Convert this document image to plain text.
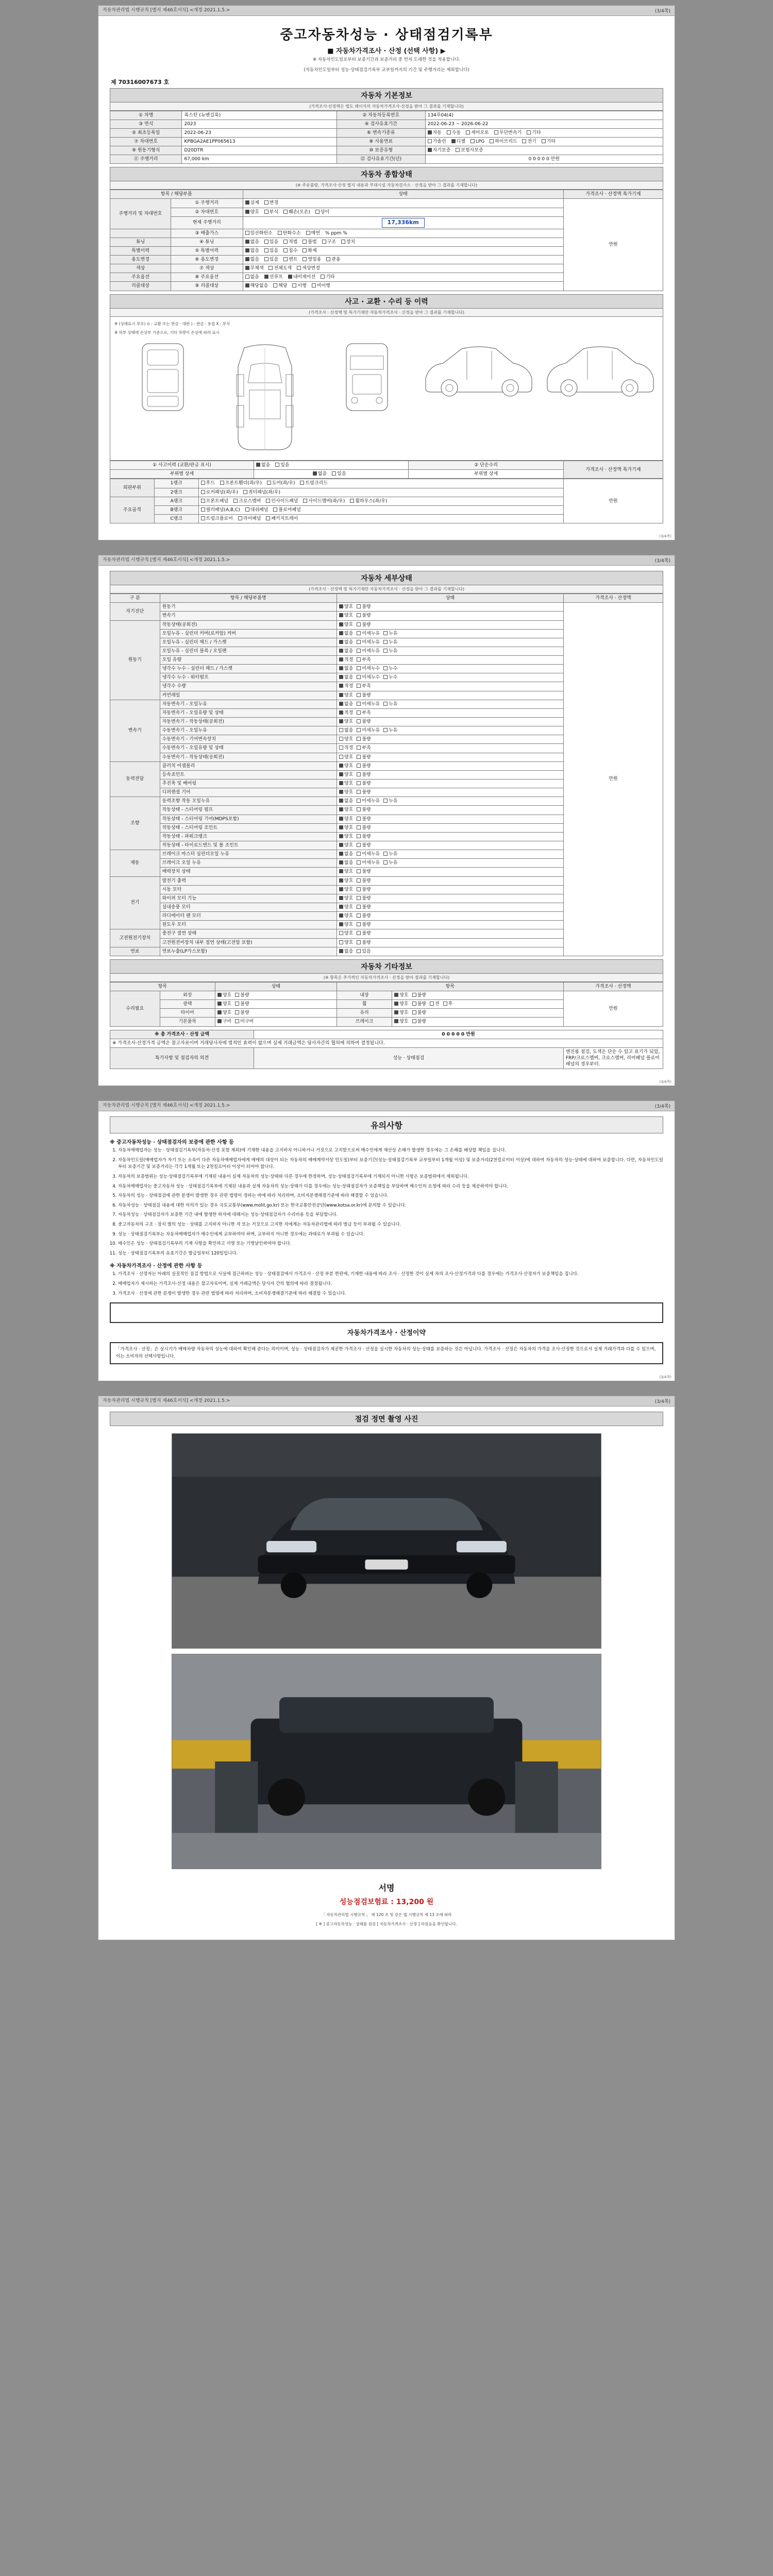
자동차관리법 시행규칙 [별지 제46호서식] <개정 2021.1.5.>	(3/4쪽)
중고자동차성능 · 상태점검기록부
■ 자동차가격조사 · 산정 (선택 사항) ▶
※ 자동차인도일로부터 보증기간과 보증거리 중 먼저 도래한 것을 적용합니다.
(자동차인도일부터 성능·상태점검기록부 교부일까지의 기간 및 주행거리는 제외합니다)
제 70316007673 호
자동차 기본정보
(가격조사·산정액은 별도 페이지의 자동차가격조사·산정을 받아 그 결과를 기재합니다)
① 차명	록스턴 (뉴벤길룩)	② 자동차등록번호	134루04(4)
③ 연식	2023	④ 검사유효기간	2022-06-23 ~ 2026-06-22
⑤ 최초등록일	2022-06-23	⑥ 변속기종류	자동 수동 세미오토 무단변속기 기타
⑦ 차대번호	KPBGA2AE1PP065613	⑧ 사용연료	가솔린 디젤 LPG 하이브리드 전기 기타
⑨ 원동기형식	D20DTR	⑩ 보증유형	자기보증 보험사보증
⑪ 주행거리	67,000 km	⑫ 검사유효기간(년)	0 0 0 0 0 만원
자동차 종합상태
(※ 주유불량, 가격조사·산정 별지 내용과 부대시설 자동차검사소 · 산정을 받아 그 결과를 기재합니다)
항목 / 해당부품		상태	가격조사 · 산정액 특가기재
주행거리 및 차대번호	① 주행거리	실제 변경	만원
	② 차대번호	양호 부식 훼손(오손) 상이	
	현재 주행거리	17,336km	
	③ 배출가스	일산화탄소 탄화수소 매연 % ppm %	
튜닝	④ 튜닝	없음 있음 적법 불법 구조 장치	
특별이력	⑤ 특별이력	없음 있음 침수 화재	
용도변경	⑥ 용도변경	없음 있음 렌트 영업용 관용	
색상	⑦ 색상	무채색 전체도색 색상변경	
주요옵션	⑧ 주요옵션	없음 선루프 내비게이션 기타	
리콜대상	⑨ 리콜대상	해당없음 해당 이행 미이행	
사고 · 교환 · 수리 등 이력
(가격조사 · 산정액 및 특가기재란 자동차가격조사 · 산정을 받아 그 결과를 기재합니다)
※ (상태표시 부호) ⊙ : 교환 또는 판금 · 대판 ) : 판금 · 용접 X : 부식
※ 하부 상태에 손상부 기준으로, 기타 차량이 손상에 따라 표시
① 사고이력 (교환/판금 표시)	없음 있음	② 단순수리	가격조사 · 산정액 특가기재
부위별 상세	없음 있음	부위별 상세	
외판부위	1랭크	후드 프론트휀더(좌/우) 도어(좌/우) 트렁크리드	만원
	2랭크	로커패널(좌/우) 쿼터패널(좌/우)	
주요골격	A랭크	프론트패널 크로스멤버 인사이드패널 사이드멤버(좌/우) 휠하우스(좌/우)	
	B랭크	필러패널(A,B,C) 대쉬패널 플로어패널	
	C랭크	트렁크플로어 리어패널 패키지트레이	
(3/4쪽)
자동차관리법 시행규칙 [별지 제46호서식] <개정 2021.1.5.>	(3/4쪽)
자동차 세부상태
(가격조사 · 산정액 및 특가기재란 자동차가격조사 · 산정을 받아 그 결과를 기재합니다)
구 분	항목 / 해당부품명	상태	가격조사 · 산정액
자기진단	원동기	양호 불량	만원
	변속기	양호 불량	
원동기	작동상태(공회전)	양호 불량	
	오일누유 - 실린더 커버(로커암) 커버	없음 미세누유 누유	
	오일누유 - 실린더 헤드 / 가스켓	없음 미세누유 누유	
	오일누유 - 실린더 블록 / 오일팬	없음 미세누유 누유	
	오일 유량	적정 부족	
	냉각수 누수 - 실린더 헤드 / 가스켓	없음 미세누수 누수	
	냉각수 누수 - 워터펌프	없음 미세누수 누수	
	냉각수 수량	적정 부족	
	커먼레일	양호 불량	
변속기	자동변속기 - 오일누유	없음 미세누유 누유	
	자동변속기 - 오일유량 및 상태	적정 부족	
	자동변속기 - 작동상태(공회전)	양호 불량	
	수동변속기 - 오일누유	없음 미세누유 누유	
	수동변속기 - 기어변속장치	양호 불량	
	수동변속기 - 오일유량 및 상태	적정 부족	
	수동변속기 - 작동상태(공회전)	양호 불량	
동력전달	클러치 어셈블리	양호 불량	
	등속죠인트	양호 불량	
	추진축 및 베어링	양호 불량	
	디퍼렌셜 기어	양호 불량	
조향	동력조향 작동 오일누유	없음 미세누유 누유	
	작동상태 - 스티어링 펌프	양호 불량	
	작동상태 - 스티어링 기어(MDPS포함)	양호 불량	
	작동상태 - 스티어링 조인트	양호 불량	
	작동상태 - 파워크랭크	양호 불량	
	작동상태 - 타이로드엔드 및 볼 조인트	양호 불량	
제동	브레이크 마스터 실린더오일 누유	없음 미세누유 누유	
	브레이크 오일 누유	없음 미세누유 누유	
	배력장치 상태	양호 불량	
전기	발전기 출력	양호 불량	
	시동 모터	양호 불량	
	와이퍼 모터 기능	양호 불량	
	실내송풍 모터	양호 불량	
	라디에이터 팬 모터	양호 불량	
	윈도우 모터	양호 불량	
고전원전기장치	충전구 절연 상태	양호 불량	
	고전원전비장치 내부 절연 상태(고전압 포함)	양호 불량	
연료	연료누출(LP가스포함)	없음 있음	
자동차 기타정보
(※ 항목은 추가적인 자동차가격조사 · 산정을 받아 결과를 기재합니다)
항목		상태	항목		가격조사 · 산정액
수리필요	외장	양호 불량	내장	양호 불량	만원
	광택	양호 불량	휠	양호 불량 전 후	
	타이어	양호 불량	유리	양호 불량	
	기본품목	구비 미구비	브레이크	양호 불량	
※ 총 가격조사 · 산정 금액	0 0 0 0 0 만원	
※ 가격조사·산정가격 금액은 참고자료이며 거래당사자에 법적인 효력이 없으며 실제 거래금액은 당사자간의 협의에 의하여 결정됩니다.		
특기사항 및 점검자의 의견	성능 · 상태점검	엔진룸 점검, 도색은 단순 수 있고 표기가 되었, FRP/크로스멤버, 크로스멤버, 리어패널 플로어패널의 경우부터.
(3/4쪽)
자동차관리법 시행규칙 [별지 제46호서식] <개정 2021.1.5.>	(3/4쪽)
유의사항
※ 중고자동차성능 · 상태점검자의 보증에 관한 사항 등
1. 자동차매매업자는 성능 · 상태점검기록부(자동차·산정 포함 제외)에 기재한 내용을 고지하지 아니하거나 거짓으로 고지함으로써 매수인에게 재산상 손해가 발생한 경우에는 그 손해를 배상할 책임을 집니다.
2. 자동차인도일(매매업자가 자기 또는 소속이 다른 자동차매매업자에게 매매의 대상이 되는 자동차의 매매계약서상 인도일)부터 보증기간(성능·상태점검기록부 교부일부터 1개월 이상) 및 보증거리(2천킬로미터 이상)에 대하여 자동차의 성능·상태에 대하여 보증합니다. 다만, 자동차인도일부터 보증기간 및 보증거리는 각각 1개월 또는 2천킬로미터 이상이 되어야 합니다.
3. 자동차의 보증범위는 성능·상태점검기록부에 기재된 내용이 실제 자동차의 성능·상태와 다른 경우에 한정하며, 성능·상태점검기록부에 기재되지 아니한 사항은 보증범위에서 제외됩니다.
4. 자동차매매업자는 중고자동차 성능 · 상태점검기록부에 기재된 내용과 실제 자동차의 성능·상태가 다를 경우에는 성능·상태점검자가 보증책임을 부담하며 매수인의 요청에 따라 수리 등을 제공하여야 합니다.
5. 자동차의 성능 · 상태점검에 관한 분쟁이 발생한 경우 관련 법령이 정하는 바에 따라 처리하며, 소비자분쟁해결기준에 따라 해결할 수 있습니다.
6. 자동차성능 · 상태점검 내용에 대한 이의가 있는 경우 국토교통부(www.molit.go.kr) 또는 한국교통안전공단(www.kotsa.or.kr)에 문의할 수 있습니다.
7. 자동차성능 · 상태점검자가 보증한 기간 내에 발생한 하자에 대해서는 성능·상태점검자가 수리비용 등을 부담합니다.
8. 중고자동차의 구조 · 장치 별의 성능 · 상태를 고지하지 아니한 자 또는 거짓으로 고지한 자에게는 자동차관리법에 따라 벌금 등이 부과될 수 있습니다.
9. 성능 · 상태점검기록부는 자동차매매업자가 매수인에게 교부하여야 하며, 교부하지 아니한 경우에는 과태료가 부과될 수 있습니다.
10. 매수인은 성능 · 상태점검기록부의 기재 사항을 확인하고 서명 또는 기명날인하여야 합니다.
11. 성능 · 상태점검기록부의 유효기간은 발급일부터 120일입니다.
※ 자동차가격조사 · 산정에 관한 사항 등
1. 가격조사 · 산정자는 아래의 실질적인 점검 방법으로 사실에 접근하려는 성능 · 상태점검에서 가격조사 · 산정 부분 한편에, 기재한 내용에 따라 조사 · 산정한 것이 실제 차의 조사·산정가격과 다를 경우에는 가격조사·산정자가 보증책임을 집니다.
2. 매매업자가 제시하는 가격조사·산정 내용은 참고자료이며, 실제 거래금액은 당사자 간의 협의에 따라 결정됩니다.
3. 가격조사 · 산정에 관한 분쟁이 발생한 경우 관련 법령에 따라 처리하며, 소비자분쟁해결기준에 따라 해결할 수 있습니다.

자동차가격조사 · 산정이약
「가격조사 · 산정」은 실시기가 매매차량 자동차의 성능에 대하여 확인해 준다는 의미이며, 성능 · 상태점검자가 제공한 가격조사 · 산정을 실시한 자동차의 성능·상태를 보증하는 것은 아닙니다. 가격조사 · 산정은 자동차의 가격을 조사·산정한 것으로서 실제 거래가격과 다를 수 있으며, 이는 소비자의 선택사항입니다.
(3/4쪽)
자동차관리법 시행규칙 [별지 제46호서식] <개정 2021.1.5.>	(3/4쪽)
점검 정면 촬영 사진
서명
성능점검보험료 : 13,200 원
「 자동차관리법 시행규칙 」 제 120 조 및 같은 법 시행규칙 제 13 조에 따라
[ ※ ] 중고자동차성능 · 상태를 점검 [ 자동차가격조사 · 산정 ] 하였음을 확인합니다.
